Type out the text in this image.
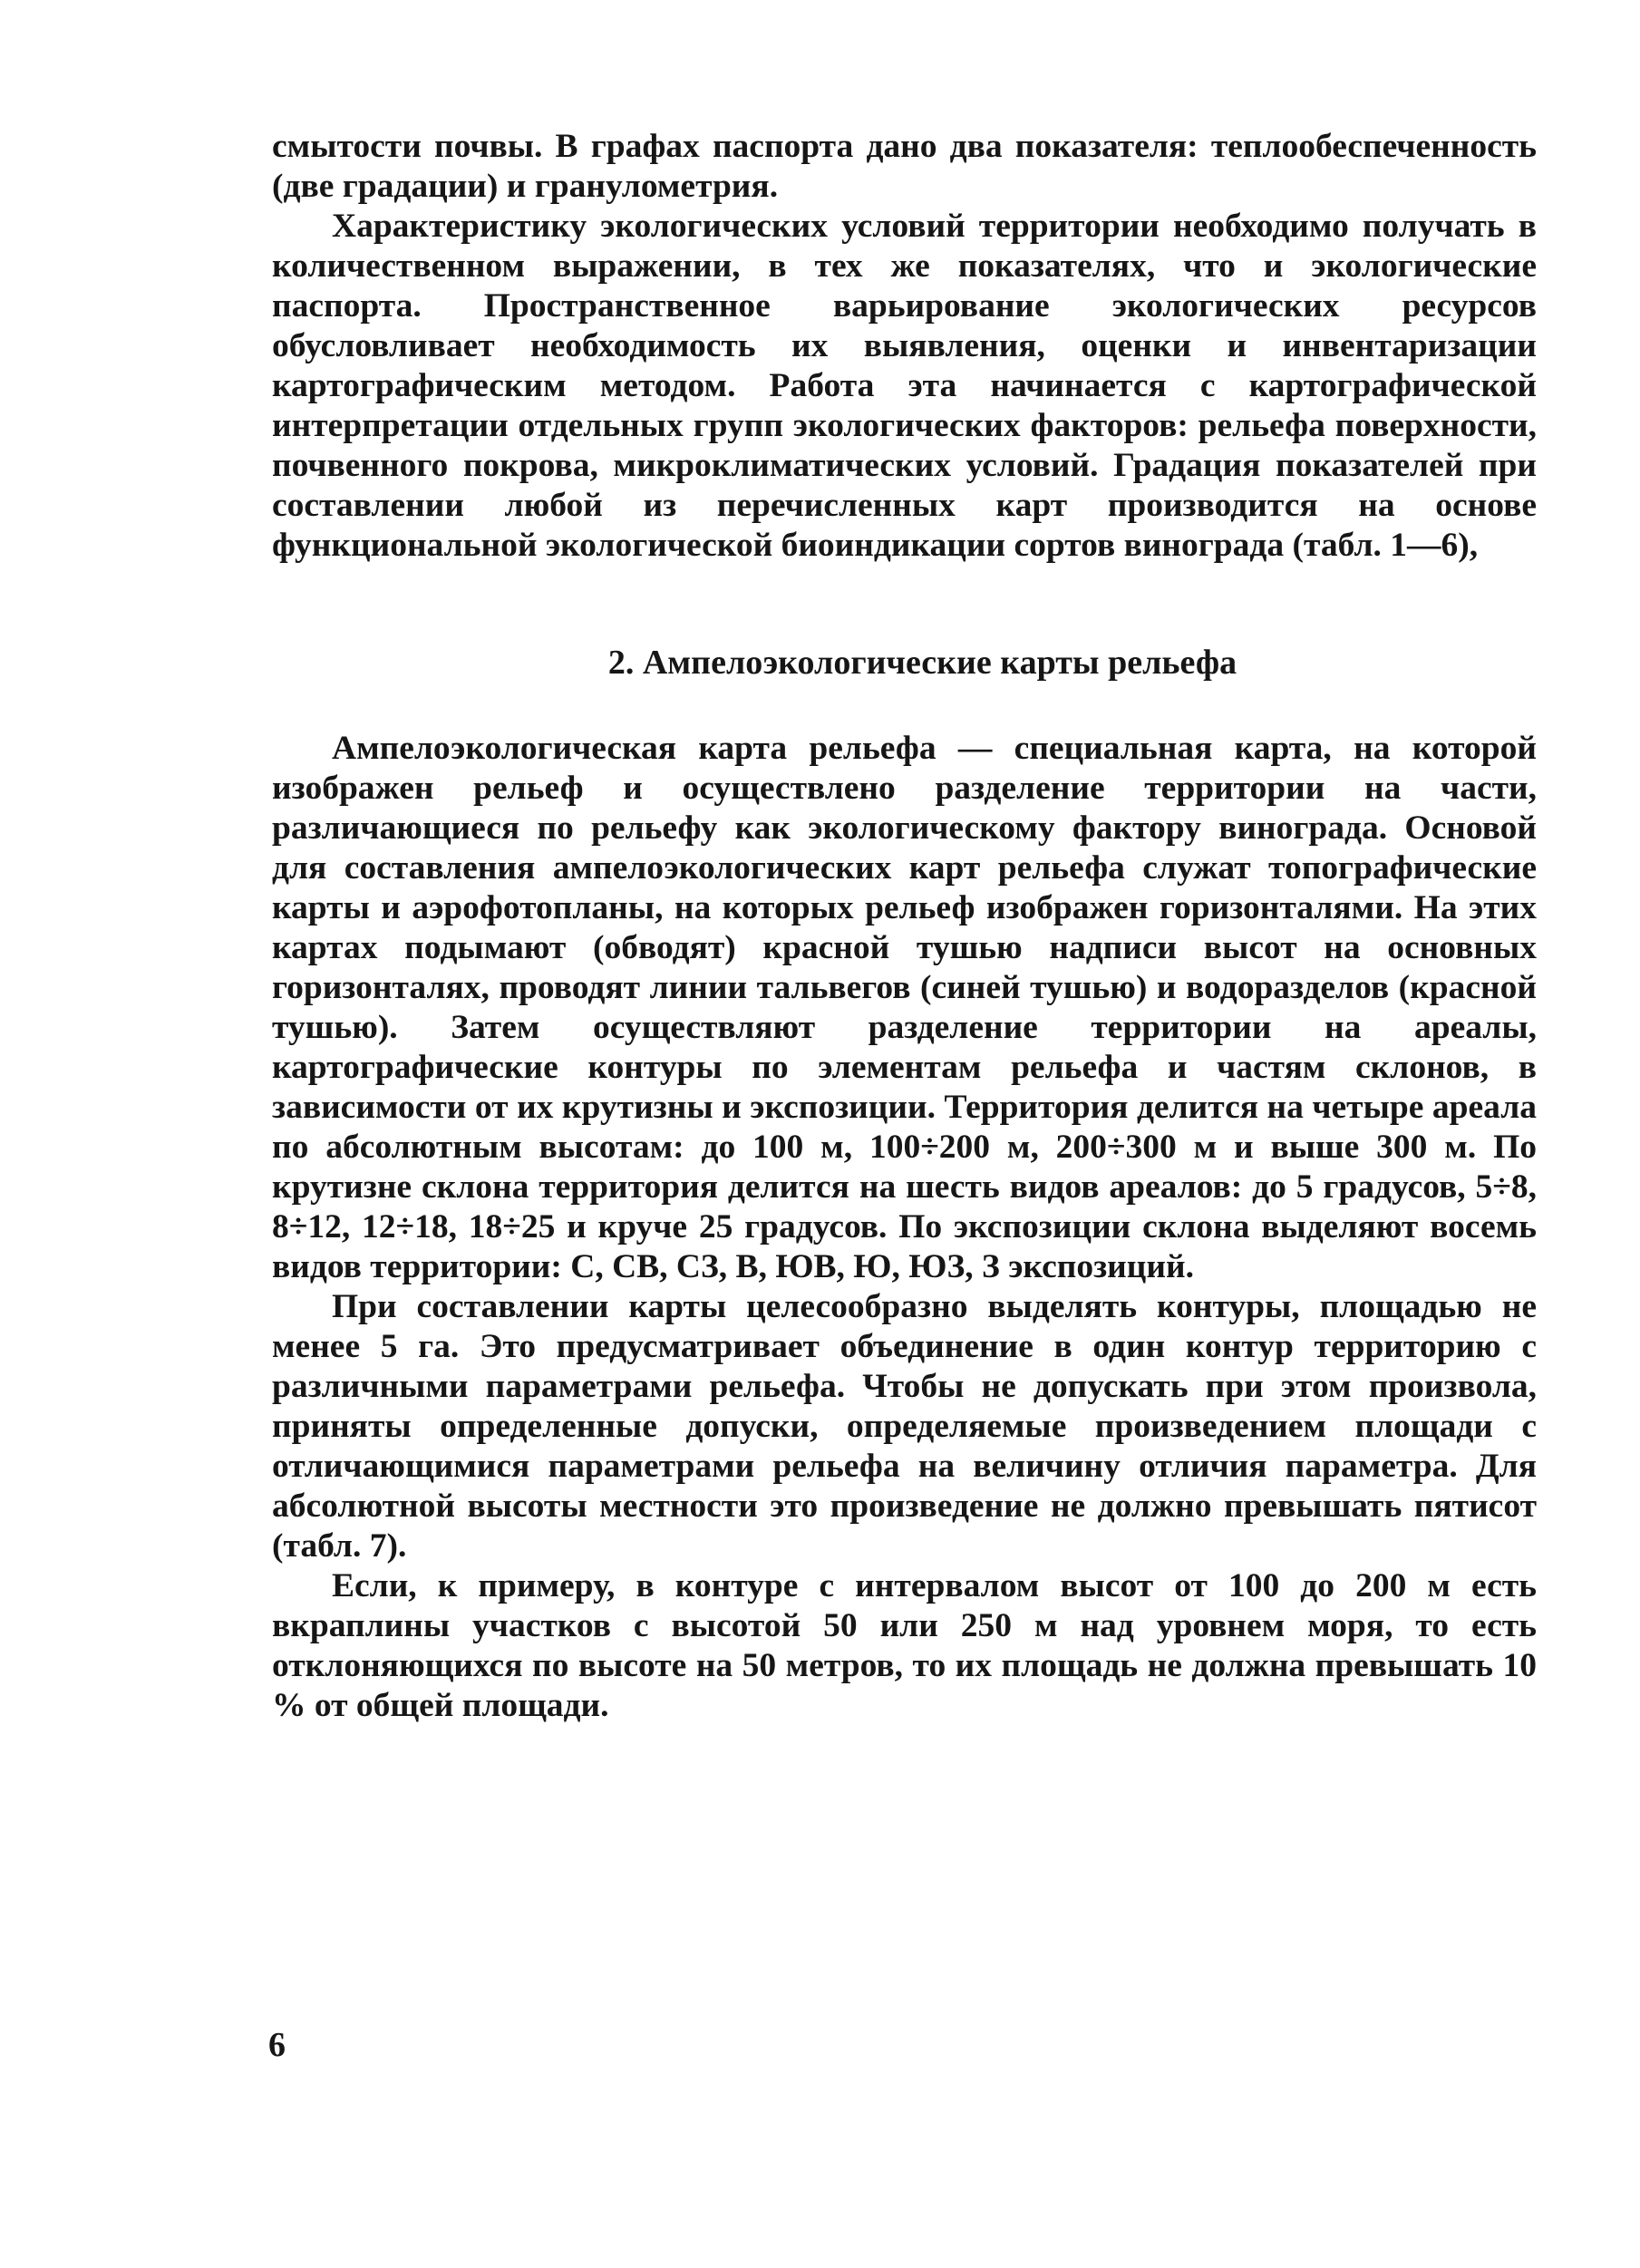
смытости почвы. В графах паспорта дано два показателя: теплообеспеченность (две градации) и гранулометрия.

Характеристику экологических условий территории необходимо получать в количественном выражении, в тех же показателях, что и экологические паспорта. Пространственное варьирование экологических ресурсов обусловливает необходимость их выявления, оценки и инвентаризации картографическим методом. Работа эта начинается с картографической интерпретации отдельных групп экологических факторов: рельефа поверхности, почвенного покрова, микроклиматических условий. Градация показателей при составлении любой из перечисленных карт производится на основе функциональной экологической биоиндикации сортов винограда (табл. 1—6),

2. Ампелоэкологические карты рельефа

Ампелоэкологическая карта рельефа — специальная карта, на которой изображен рельеф и осуществлено разделение территории на части, различающиеся по рельефу как экологическому фактору винограда. Основой для составления ампелоэкологических карт рельефа служат топографические карты и аэрофотопланы, на которых рельеф изображен горизонталями. На этих картах подымают (обводят) красной тушью надписи высот на основных горизонталях, проводят линии тальвегов (синей тушью) и водоразделов (красной тушью). Затем осуществляют разделение территории на ареалы, картографические контуры по элементам рельефа и частям склонов, в зависимости от их крутизны и экспозиции. Территория делится на четыре ареала по абсолютным высотам: до 100 м, 100÷200 м, 200÷300 м и выше 300 м. По крутизне склона территория делится на шесть видов ареалов: до 5 градусов, 5÷8, 8÷12, 12÷18, 18÷25 и круче 25 градусов. По экспозиции склона выделяют восемь видов территории: С, СВ, СЗ, В, ЮВ, Ю, ЮЗ, З экспозиций.

При составлении карты целесообразно выделять контуры, площадью не менее 5 га. Это предусматривает объединение в один контур территорию с различными параметрами рельефа. Чтобы не допускать при этом произвола, приняты определенные допуски, определяемые произведением площади с отличающимися параметрами рельефа на величину отличия параметра. Для абсолютной высоты местности это произведение не должно превышать пятисот (табл. 7).

Если, к примеру, в контуре с интервалом высот от 100 до 200 м есть вкраплины участков с высотой 50 или 250 м над уровнем моря, то есть отклоняющихся по высоте на 50 метров, то их площадь не должна превышать 10 % от общей площади.

6
